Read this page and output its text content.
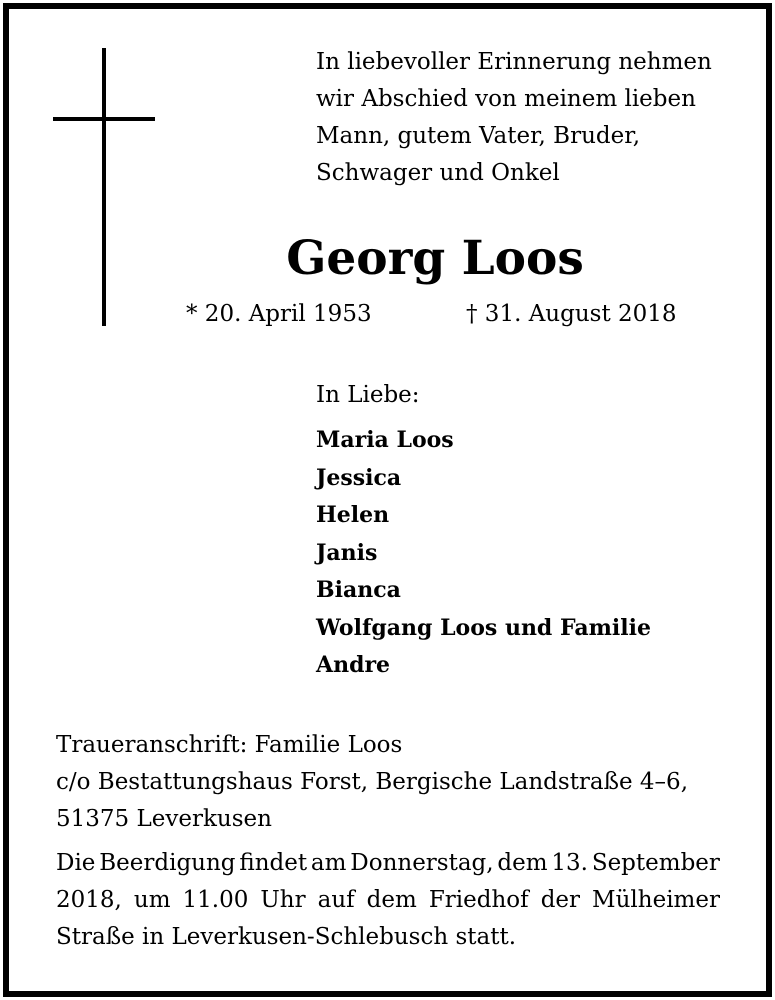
In liebevoller Erinnerung nehmen
wir Abschied von meinem lieben
Mann, gutem Vater, Bruder,
Schwager und Onkel
Georg Loos
* 20. April 1953	† 31. August 2018
In Liebe:
Maria Loos
Jessica
Helen
Janis
Bianca
Wolfgang Loos und Familie
Andre
Traueranschrift: Familie Loos
c/o Bestattungshaus Forst, Bergische Landstraße 4–6,
51375 Leverkusen
Die Beerdigung findet am Donnerstag, dem 13. September
2018, um 11.00 Uhr auf dem Friedhof der Mülheimer
Straße in Leverkusen-Schlebusch statt.
